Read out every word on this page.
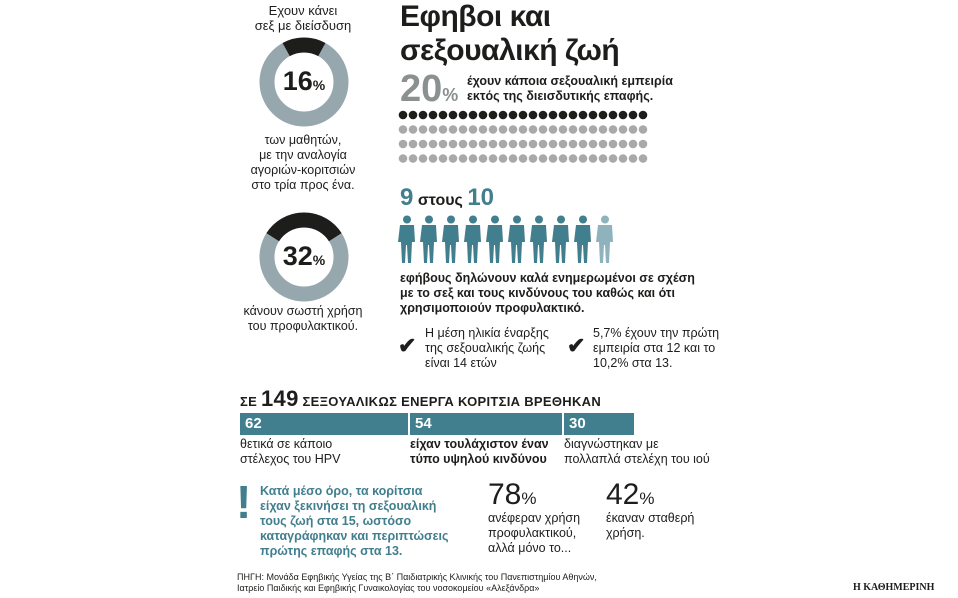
Εχουν κάνει
σεξ με διείσδυση
16%
των μαθητών,
με την αναλογία
αγοριών-κοριτσιών
στο τρία προς ένα.
32%
κάνουν σωστή χρήση
του προφυλακτικού.
Εφηβοι και
σεξουαλική ζωή
20%
έχουν κάποια σεξουαλική εμπειρία
εκτός της διεισδυτικής επαφής.
9 στους 10
εφήβους δηλώνουν καλά ενημερωμένοι σε σχέση
με το σεξ και τους κινδύνους του καθώς και ότι
χρησιμοποιούν προφυλακτικό.
✔ Η μέση ηλικία έναρξης
της σεξουαλικής ζωής
είναι 14 ετών
✔ 5,7% έχουν την πρώτη
εμπειρία στα 12 και το
10,2% στα 13.
ΣΕ 149 ΣΕΞΟΥΑΛΙΚΩΣ ΕΝΕΡΓΑ ΚΟΡΙΤΣΙΑ ΒΡΕΘΗΚΑΝ
62	54	30
θετικά σε κάποιο
στέλεχος του HPV
είχαν τουλάχιστον έναν
τύπο υψηλού κινδύνου
διαγνώστηκαν με
πολλαπλά στελέχη του ιού
! Κατά μέσο όρο, τα κορίτσια
είχαν ξεκινήσει τη σεξουαλική
τους ζωή στα 15, ωστόσο
καταγράφηκαν και περιπτώσεις
πρώτης επαφής στα 13.
78%
ανέφεραν χρήση
προφυλακτικού,
αλλά μόνο το...
42%
έκαναν σταθερή
χρήση.
ΠΗΓΗ: Μονάδα Εφηβικής Υγείας της Β΄ Παιδιατρικής Κλινικής του Πανεπιστημίου Αθηνών,
Ιατρείο Παιδικής και Εφηβικής Γυναικολογίας του νοσοκομείου «Αλεξάνδρα»	Η ΚΑΘΗΜΕΡΙΝΗ
